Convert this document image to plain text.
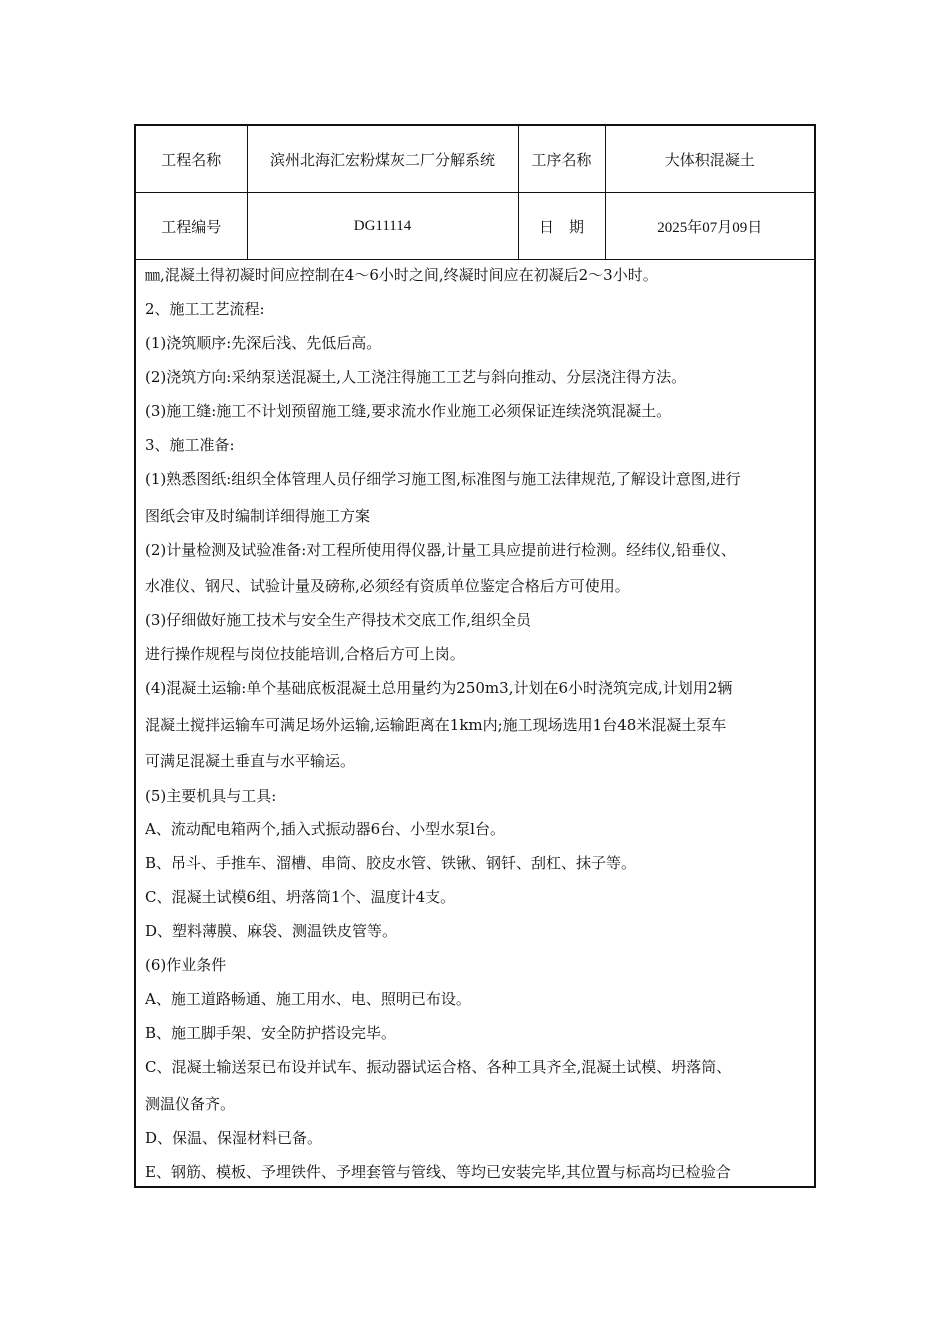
工程名称	滨州北海汇宏粉煤灰二厂分解系统	工序名称	大体积混凝土
工程编号	DG11114	日　期	2025年07月09日
㎜,混凝土得初凝时间应控制在4～6小时之间,终凝时间应在初凝后2～3小时。
2、施工工艺流程:
(1)浇筑顺序:先深后浅、先低后高。
(2)浇筑方向:采纳泵送混凝土,人工浇注得施工工艺与斜向推动、分层浇注得方法。
(3)施工缝:施工不计划预留施工缝,要求流水作业施工必须保证连续浇筑混凝土。
3、施工准备:
(1)熟悉图纸:组织全体管理人员仔细学习施工图,标准图与施工法律规范,了解设计意图,进行
图纸会审及时编制详细得施工方案
(2)计量检测及试验准备:对工程所使用得仪器,计量工具应提前进行检测。经纬仪,铅垂仪、
水准仪、钢尺、试验计量及磅称,必须经有资质单位鉴定合格后方可使用。
(3)仔细做好施工技术与安全生产得技术交底工作,组织全员
进行操作规程与岗位技能培训,合格后方可上岗。
(4)混凝土运输:单个基础底板混凝土总用量约为250m3,计划在6小时浇筑完成,计划用2辆
混凝土搅拌运输车可满足场外运输,运输距离在1km内;施工现场选用1台48米混凝土泵车
可满足混凝土垂直与水平输运。
(5)主要机具与工具:
A、流动配电箱两个,插入式振动器6台、小型水泵l台。
B、吊斗、手推车、溜槽、串筒、胶皮水管、铁锹、钢钎、刮杠、抹子等。
C、混凝土试模6组、坍落筒1个、温度计4支。
D、塑料薄膜、麻袋、测温铁皮管等。
(6)作业条件
A、施工道路畅通、施工用水、电、照明已布设。
B、施工脚手架、安全防护搭设完毕。
C、混凝土输送泵已布设并试车、振动器试运合格、各种工具齐全,混凝土试模、坍落筒、
测温仪备齐。
D、保温、保湿材料已备。
E、钢筋、模板、予埋铁件、予埋套管与管线、等均已安装完毕,其位置与标高均已检验合
